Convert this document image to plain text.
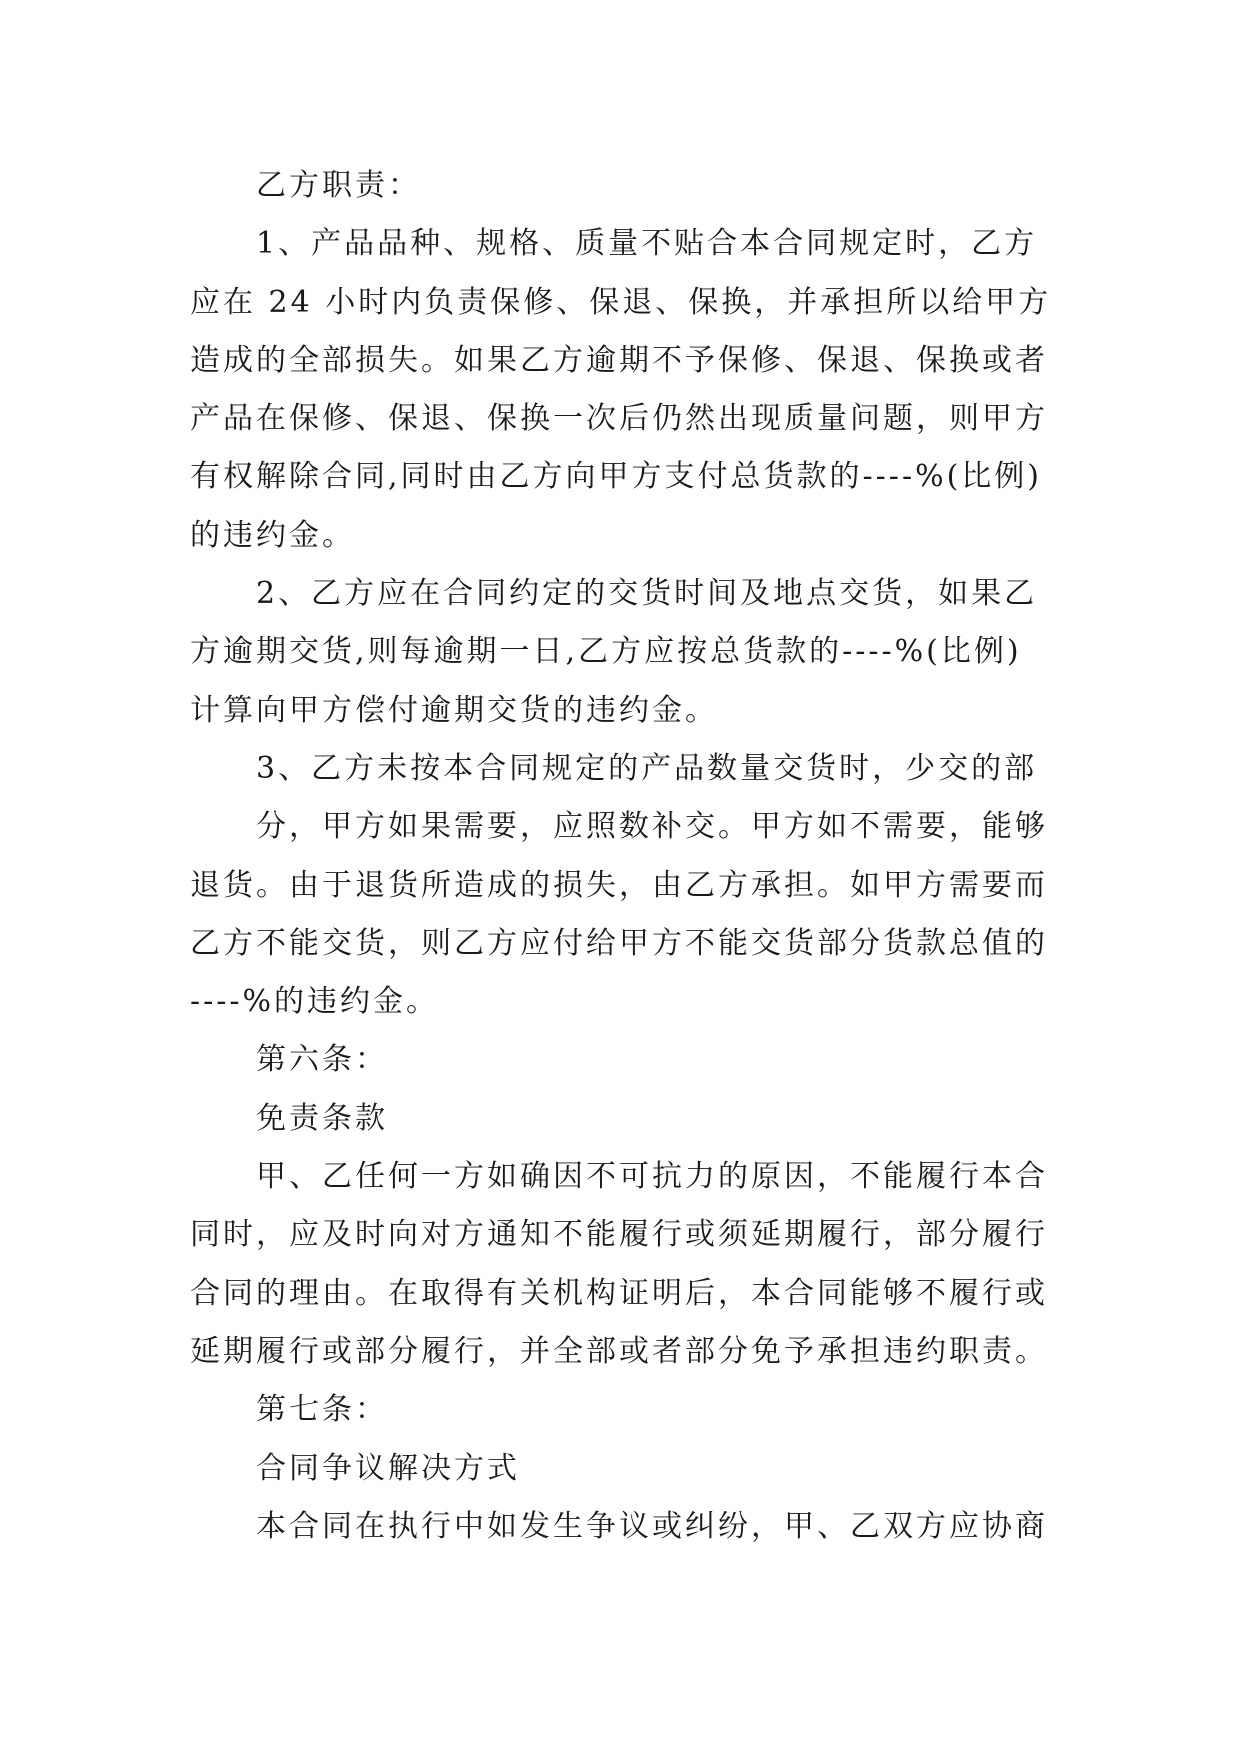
乙方职责：
1、产品品种、规格、质量不贴合本合同规定时，乙方
应在 24 小时内负责保修、保退、保换，并承担所以给甲方
造成的全部损失。如果乙方逾期不予保修、保退、保换或者
产品在保修、保退、保换一次后仍然出现质量问题，则甲方
有权解除合同,同时由乙方向甲方支付总货款的----%(比例)
的违约金。
2、乙方应在合同约定的交货时间及地点交货，如果乙
方逾期交货,则每逾期一日,乙方应按总货款的----%(比例)
计算向甲方偿付逾期交货的违约金。
3、乙方未按本合同规定的产品数量交货时，少交的部
分，甲方如果需要，应照数补交。甲方如不需要，能够
退货。由于退货所造成的损失，由乙方承担。如甲方需要而
乙方不能交货，则乙方应付给甲方不能交货部分货款总值的
----%的违约金。
第六条：
免责条款
甲、乙任何一方如确因不可抗力的原因，不能履行本合
同时，应及时向对方通知不能履行或须延期履行，部分履行
合同的理由。在取得有关机构证明后，本合同能够不履行或
延期履行或部分履行，并全部或者部分免予承担违约职责。
第七条：
合同争议解决方式
本合同在执行中如发生争议或纠纷，甲、乙双方应协商
